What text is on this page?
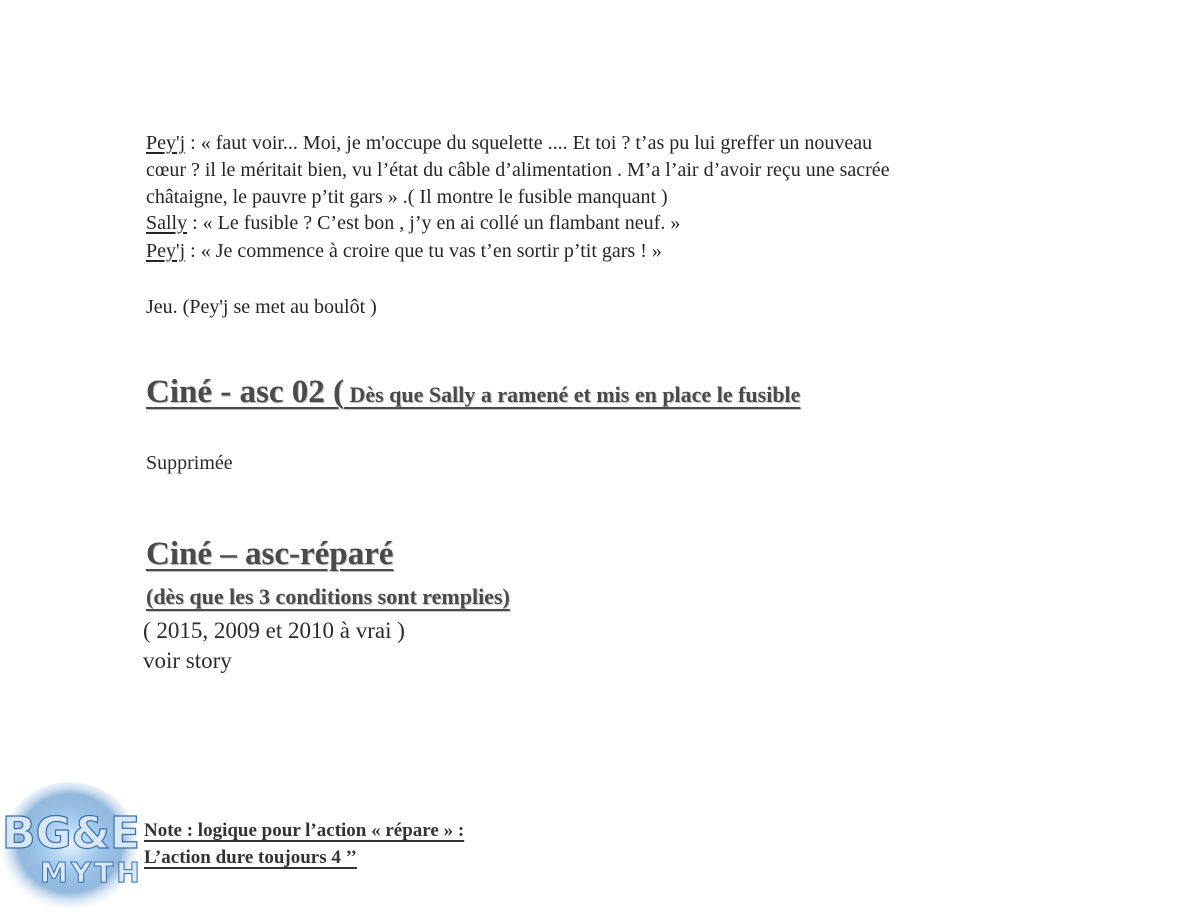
Pey'j : « faut voir... Moi, je m'occupe du squelette .... Et toi ? t’as pu lui greffer un nouveau
cœur ? il le méritait bien, vu l’état du câble d’alimentation . M’a l’air d’avoir reçu une sacrée
châtaigne, le pauvre p’tit gars » .( Il montre le fusible manquant )
Sally : « Le fusible ? C’est bon , j’y en ai collé un flambant neuf. »
Pey'j : « Je commence à croire que tu vas t’en sortir p’tit gars ! »
Jeu. (Pey'j se met au boulôt )
Ciné - asc 02 ( Dès que Sally a ramené et mis en place le fusible
Supprimée
Ciné – asc-réparé
(dès que les 3 conditions sont remplies)
( 2015, 2009 et 2010 à vrai )
voir story
Note : logique pour l’action « répare » :
L’action dure toujours 4 ’’
BG&E
MYTH
